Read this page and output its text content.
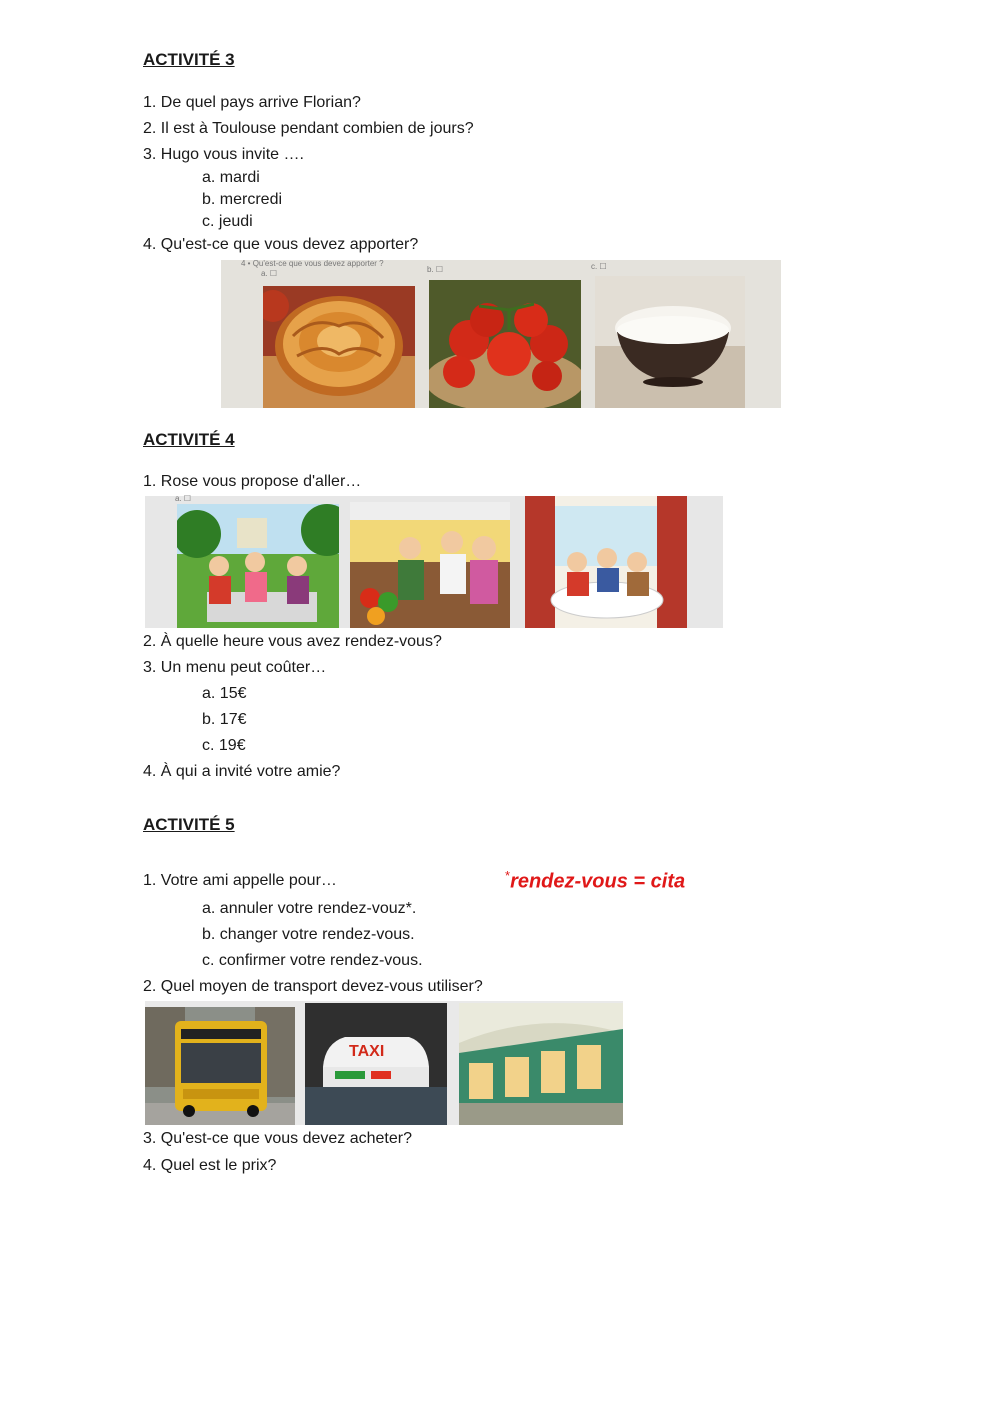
ACTIVITÉ 3
1. De quel pays arrive Florian?
2. Il est à Toulouse pendant combien de jours?
3. Hugo vous invite ….
a. mardi
b. mercredi
c. jeudi
4. Qu'est-ce que vous devez apporter?
4 • Qu'est-ce que vous devez apporter ?
a. ☐	b. ☐	c. ☐
ACTIVITÉ 4
1. Rose vous propose d'aller…
a. ☐
2. À quelle heure vous avez rendez-vous?
3. Un menu peut coûter…
a. 15€
b. 17€
c. 19€
4. À qui a invité votre amie?
ACTIVITÉ 5
1. Votre ami appelle pour…	*rendez-vous = cita
a. annuler votre rendez-vouz*.
b. changer votre rendez-vous.
c. confirmer votre rendez-vous.
2. Quel moyen de transport devez-vous utiliser?
TAXI
3. Qu'est-ce que vous devez acheter?
4. Quel est le prix?
